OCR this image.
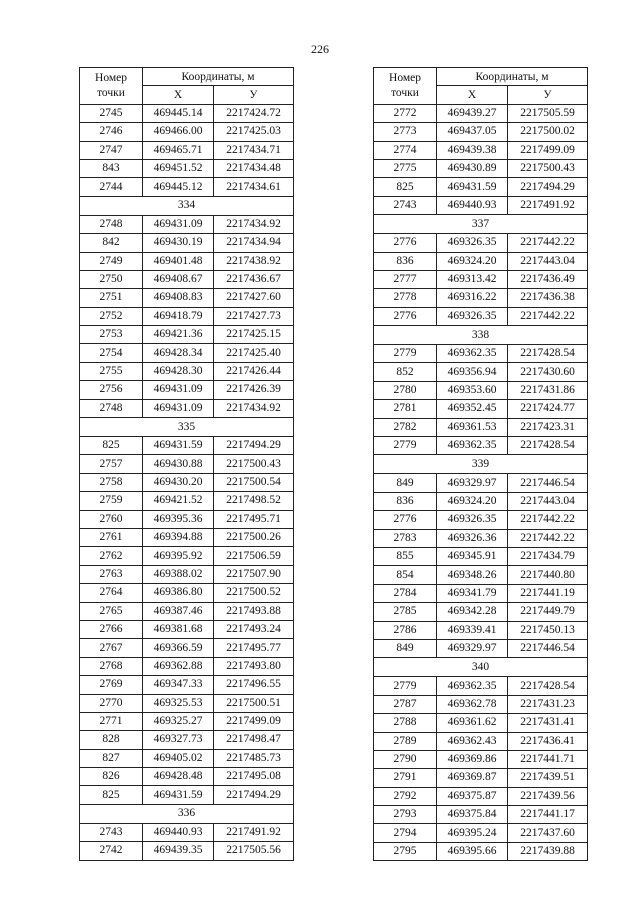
226
Номер
точки	Координаты, м	
	X	У
2745	469445.14	2217424.72
2746	469466.00	2217425.03
2747	469465.71	2217434.71
843	469451.52	2217434.48
2744	469445.12	2217434.61
334		
2748	469431.09	2217434.92
842	469430.19	2217434.94
2749	469401.48	2217438.92
2750	469408.67	2217436.67
2751	469408.83	2217427.60
2752	469418.79	2217427.73
2753	469421.36	2217425.15
2754	469428.34	2217425.40
2755	469428.30	2217426.44
2756	469431.09	2217426.39
2748	469431.09	2217434.92
335		
825	469431.59	2217494.29
2757	469430.88	2217500.43
2758	469430.20	2217500.54
2759	469421.52	2217498.52
2760	469395.36	2217495.71
2761	469394.88	2217500.26
2762	469395.92	2217506.59
2763	469388.02	2217507.90
2764	469386.80	2217500.52
2765	469387.46	2217493.88
2766	469381.68	2217493.24
2767	469366.59	2217495.77
2768	469362.88	2217493.80
2769	469347.33	2217496.55
2770	469325.53	2217500.51
2771	469325.27	2217499.09
828	469327.73	2217498.47
827	469405.02	2217485.73
826	469428.48	2217495.08
825	469431.59	2217494.29
336		
2743	469440.93	2217491.92
2742	469439.35	2217505.56
Номер
точки	Координаты, м	
	X	У
2772	469439.27	2217505.59
2773	469437.05	2217500.02
2774	469439.38	2217499.09
2775	469430.89	2217500.43
825	469431.59	2217494.29
2743	469440.93	2217491.92
337		
2776	469326.35	2217442.22
836	469324.20	2217443.04
2777	469313.42	2217436.49
2778	469316.22	2217436.38
2776	469326.35	2217442.22
338		
2779	469362.35	2217428.54
852	469356.94	2217430.60
2780	469353.60	2217431.86
2781	469352.45	2217424.77
2782	469361.53	2217423.31
2779	469362.35	2217428.54
339		
849	469329.97	2217446.54
836	469324.20	2217443.04
2776	469326.35	2217442.22
2783	469326.36	2217442.22
855	469345.91	2217434.79
854	469348.26	2217440.80
2784	469341.79	2217441.19
2785	469342.28	2217449.79
2786	469339.41	2217450.13
849	469329.97	2217446.54
340		
2779	469362.35	2217428.54
2787	469362.78	2217431.23
2788	469361.62	2217431.41
2789	469362.43	2217436.41
2790	469369.86	2217441.71
2791	469369.87	2217439.51
2792	469375.87	2217439.56
2793	469375.84	2217441.17
2794	469395.24	2217437.60
2795	469395.66	2217439.88
